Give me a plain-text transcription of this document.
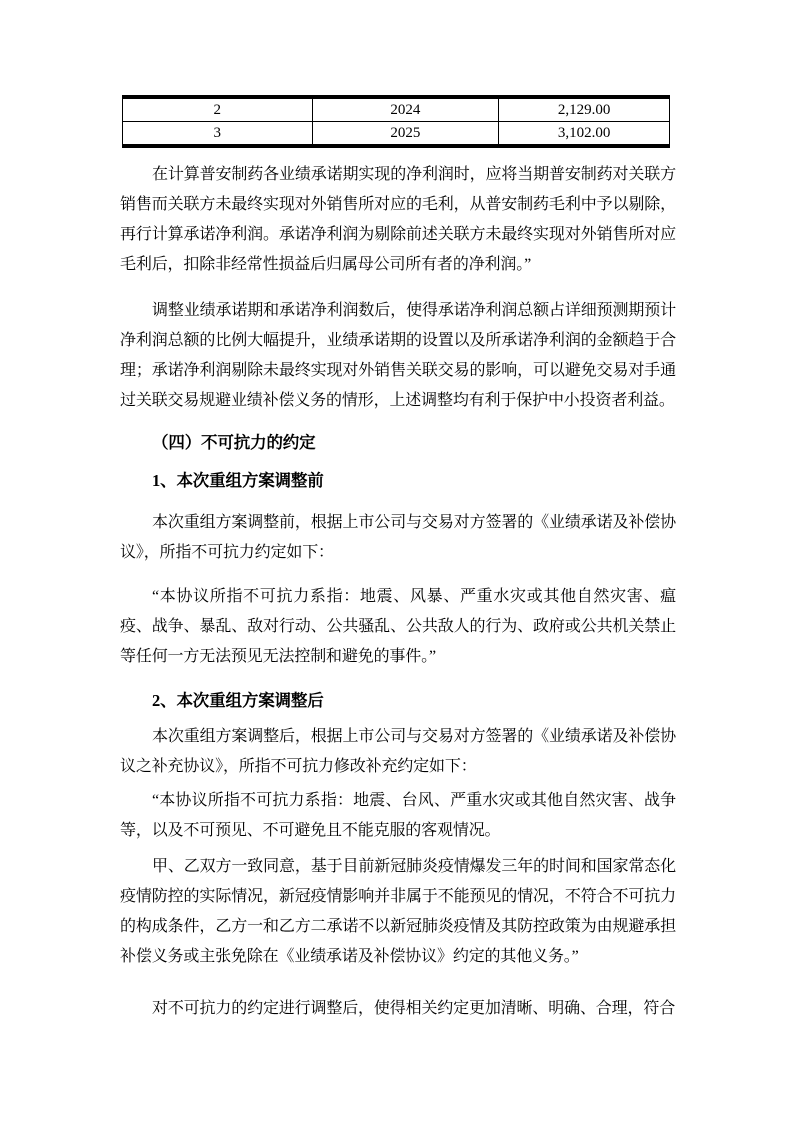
2	2024	2,129.00
3	2025	3,102.00

在计算普安制药各业绩承诺期实现的净利润时，应将当期普安制药对关联方销售而关联方未最终实现对外销售所对应的毛利，从普安制药毛利中予以剔除，再行计算承诺净利润。承诺净利润为剔除前述关联方未最终实现对外销售所对应毛利后，扣除非经常性损益后归属母公司所有者的净利润。”

调整业绩承诺期和承诺净利润数后，使得承诺净利润总额占详细预测期预计净利润总额的比例大幅提升，业绩承诺期的设置以及所承诺净利润的金额趋于合理；承诺净利润剔除未最终实现对外销售关联交易的影响，可以避免交易对手通过关联交易规避业绩补偿义务的情形，上述调整均有利于保护中小投资者利益。

（四）不可抗力的约定

1、本次重组方案调整前

本次重组方案调整前，根据上市公司与交易对方签署的《业绩承诺及补偿协议》，所指不可抗力约定如下：

“本协议所指不可抗力系指：地震、风暴、严重水灾或其他自然灾害、瘟疫、战争、暴乱、敌对行动、公共骚乱、公共敌人的行为、政府或公共机关禁止等任何一方无法预见无法控制和避免的事件。”

2、本次重组方案调整后

本次重组方案调整后，根据上市公司与交易对方签署的《业绩承诺及补偿协议之补充协议》，所指不可抗力修改补充约定如下：

“本协议所指不可抗力系指：地震、台风、严重水灾或其他自然灾害、战争等，以及不可预见、不可避免且不能克服的客观情况。

甲、乙双方一致同意，基于目前新冠肺炎疫情爆发三年的时间和国家常态化疫情防控的实际情况，新冠疫情影响并非属于不能预见的情况，不符合不可抗力的构成条件，乙方一和乙方二承诺不以新冠肺炎疫情及其防控政策为由规避承担补偿义务或主张免除在《业绩承诺及补偿协议》约定的其他义务。”

对不可抗力的约定进行调整后，使得相关约定更加清晰、明确、合理，符合
